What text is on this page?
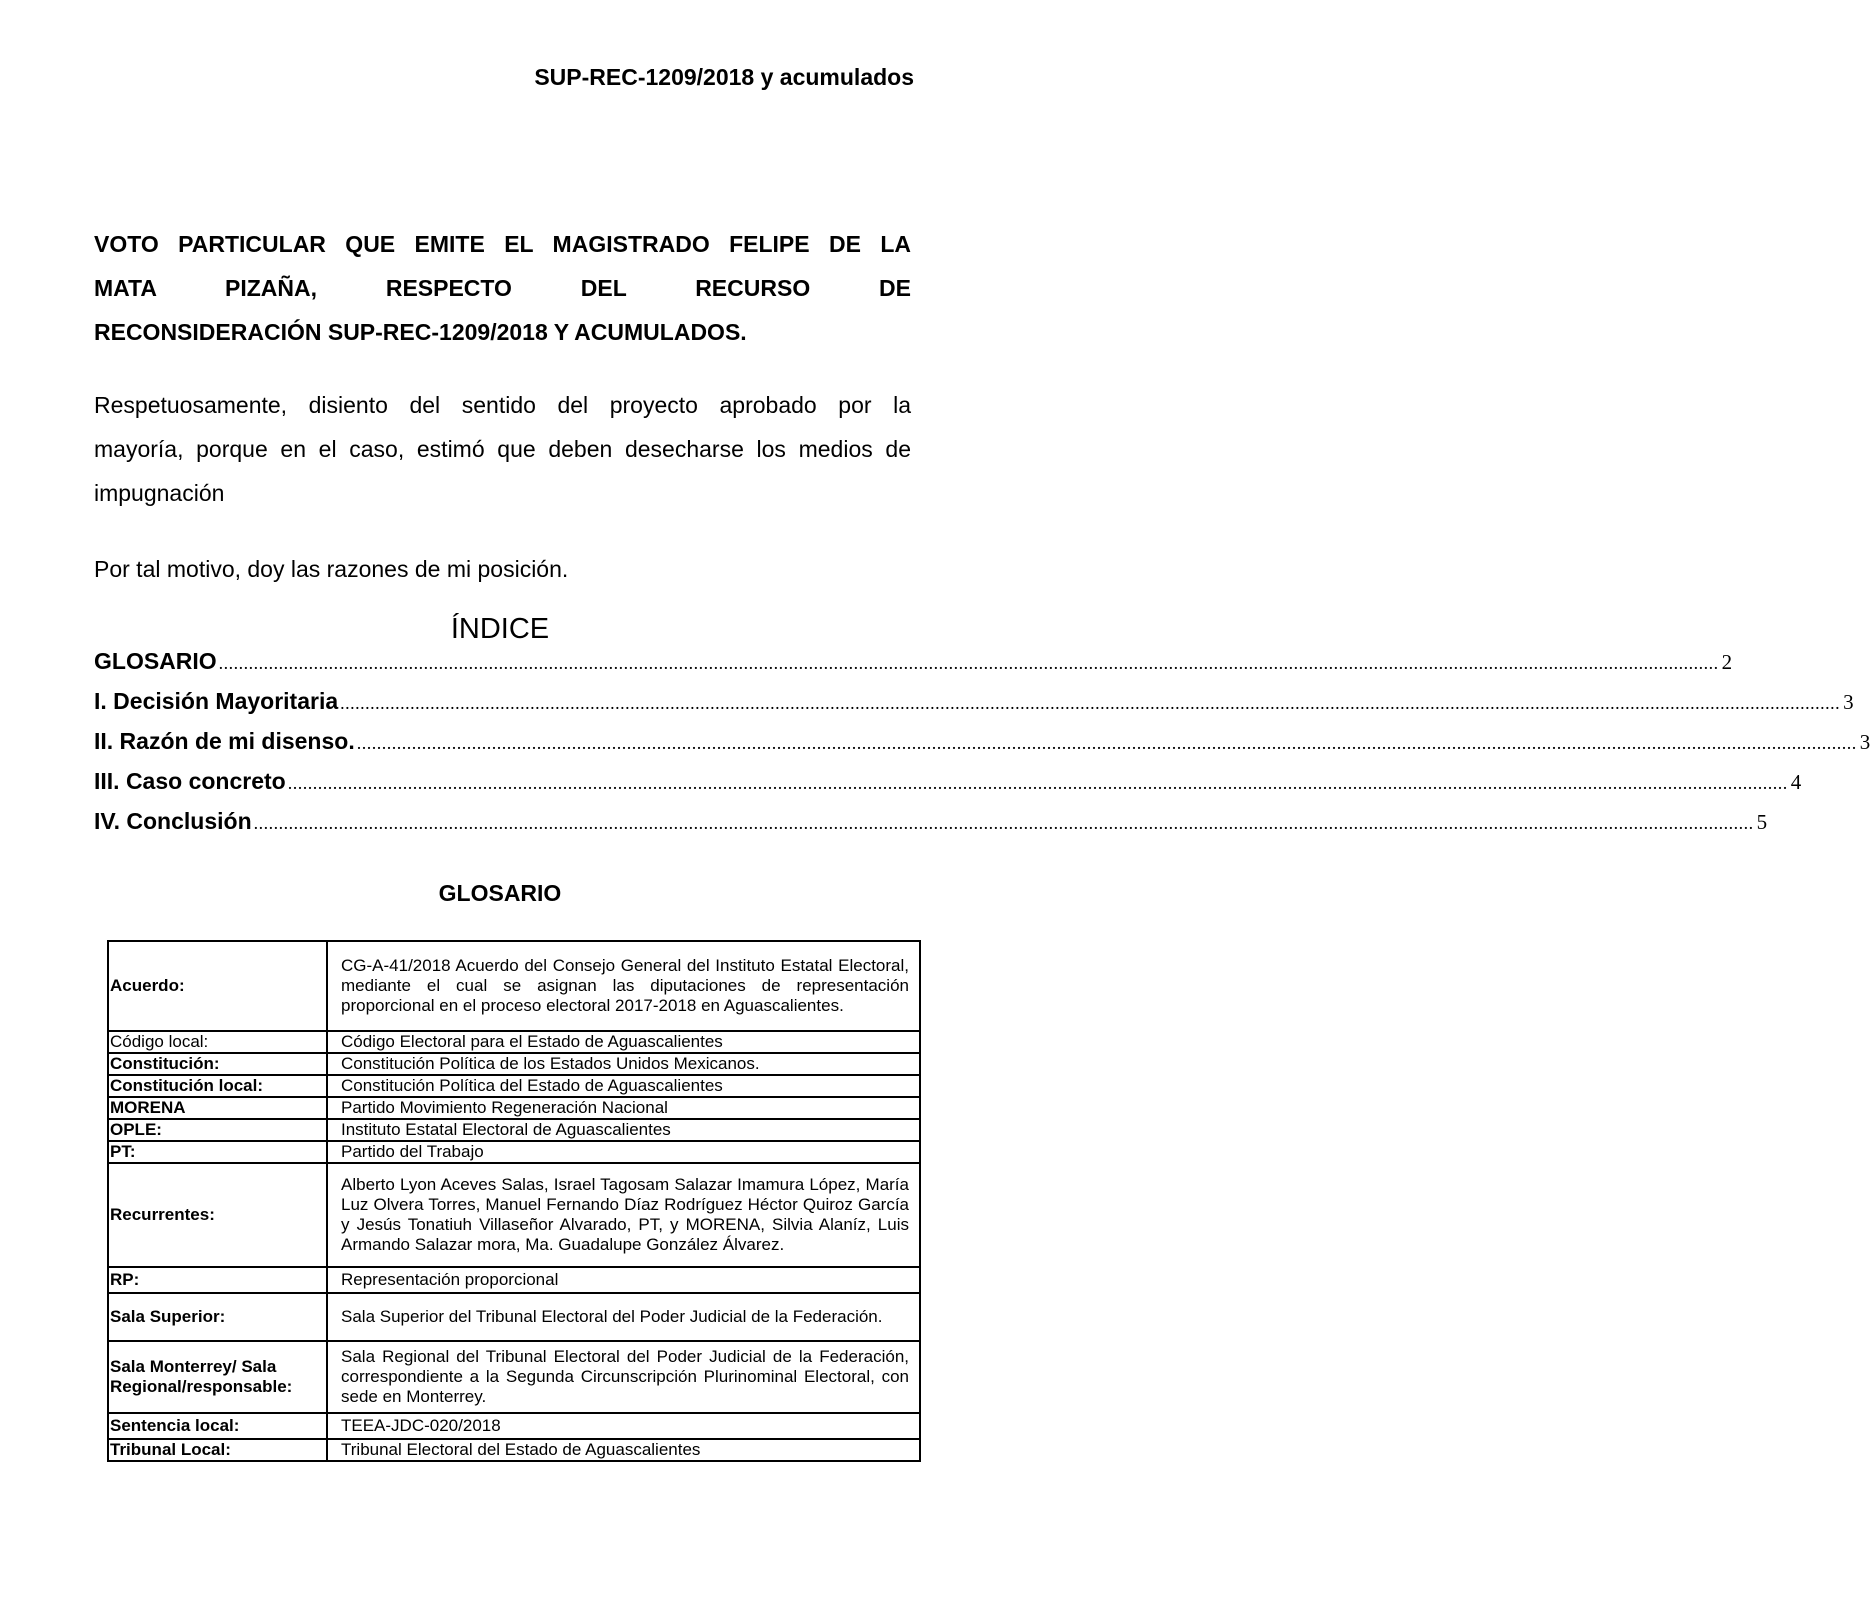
SUP-REC-1209/2018 y acumulados
VOTO PARTICULAR QUE EMITE EL MAGISTRADO FELIPE DE LA
MATA PIZAÑA, RESPECTO DEL RECURSO DE
RECONSIDERACIÓN SUP-REC-1209/2018 Y ACUMULADOS.
Respetuosamente, disiento del sentido del proyecto aprobado por la
mayoría, porque en el caso, estimó que deben desecharse los medios de
impugnación
Por tal motivo, doy las razones de mi posición.
ÍNDICE
GLOSARIO ............................................................................................................................................................................................................................................................................................................ 2
I. Decisión Mayoritaria ............................................................................................................................................................................................................................................................................................................ 3
II. Razón de mi disenso. ............................................................................................................................................................................................................................................................................................................ 3
III. Caso concreto ............................................................................................................................................................................................................................................................................................................ 4
IV. Conclusión ............................................................................................................................................................................................................................................................................................................ 5
GLOSARIO
Acuerdo:	CG-A-41/2018 Acuerdo del Consejo General del Instituto Estatal Electoral, mediante el cual se asignan las diputaciones de representación proporcional en el proceso electoral 2017-2018 en Aguascalientes.
Código local:	Código Electoral para el Estado de Aguascalientes
Constitución:	Constitución Política de los Estados Unidos Mexicanos.
Constitución local:	Constitución Política del Estado de Aguascalientes
MORENA	Partido Movimiento Regeneración Nacional
OPLE:	Instituto Estatal Electoral de Aguascalientes
PT:	Partido del Trabajo
Recurrentes:	Alberto Lyon Aceves Salas, Israel Tagosam Salazar Imamura López, María Luz Olvera Torres, Manuel Fernando Díaz Rodríguez Héctor Quiroz García y Jesús Tonatiuh Villaseñor Alvarado, PT, y MORENA, Silvia Alaníz, Luis Armando Salazar mora, Ma. Guadalupe González Álvarez.
RP:	Representación proporcional
Sala Superior:	Sala Superior del Tribunal Electoral del Poder Judicial de la Federación.
Sala Monterrey/ Sala Regional/responsable:	Sala Regional del Tribunal Electoral del Poder Judicial de la Federación, correspondiente a la Segunda Circunscripción Plurinominal Electoral, con sede en Monterrey.
Sentencia local:	TEEA-JDC-020/2018
Tribunal Local:	Tribunal Electoral del Estado de Aguascalientes
